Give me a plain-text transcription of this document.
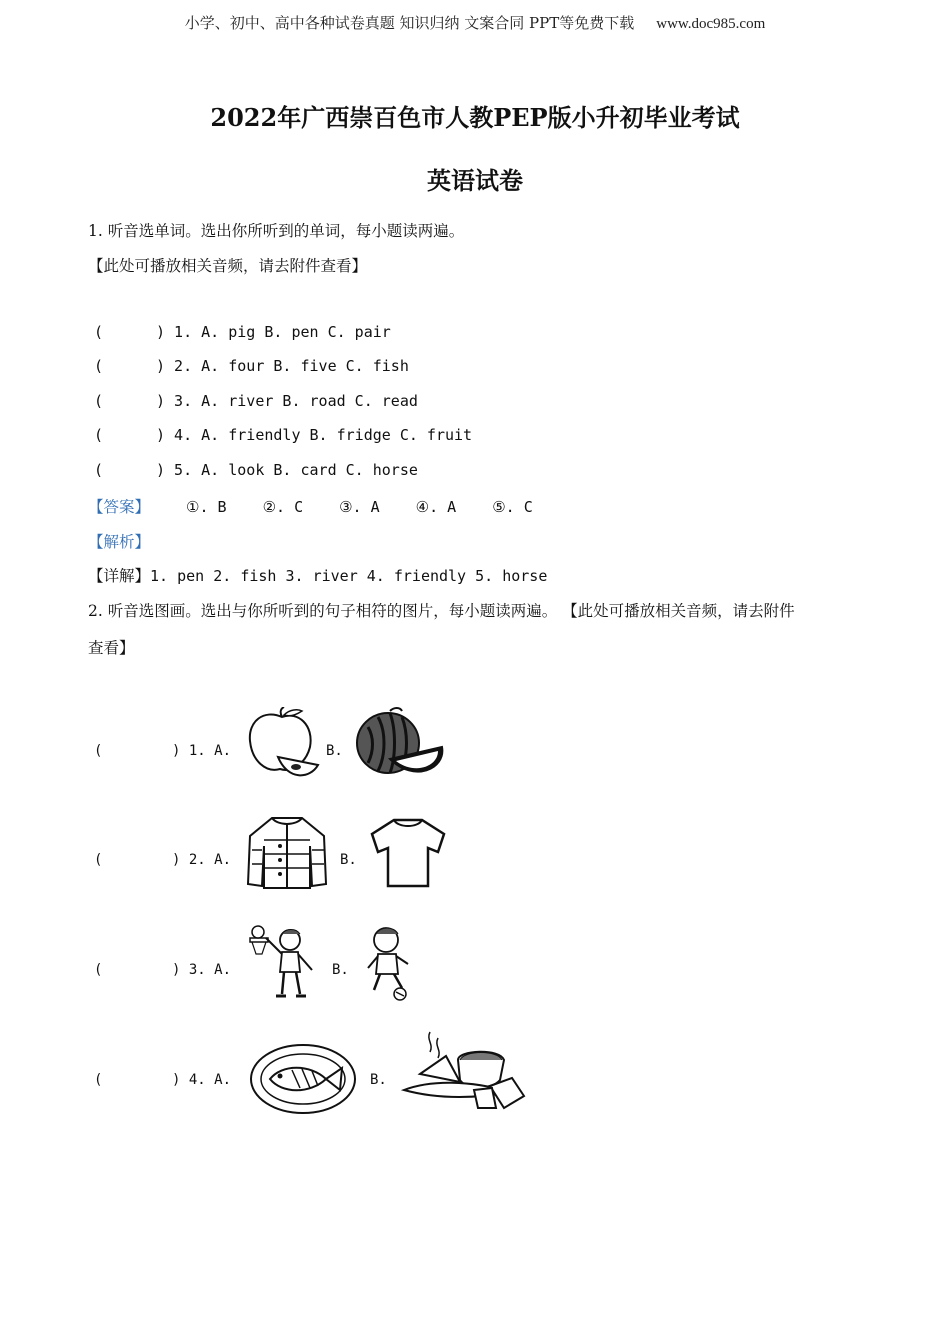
小学、初中、高中各种试卷真题 知识归纳 文案合同 PPT等免费下载 www.doc985.com
2022年广西崇百色市人教PEP版小升初毕业考试
英语试卷
1. 听音选单词。选出你所听到的单词，每小题读两遍。
【此处可播放相关音频，请去附件查看】
(	) 1. A. pig B. pen C. pair
(	) 2. A. four B. five C. fish
(	) 3. A. river B. road C. read
(	) 4. A. friendly B. fridge C. fruit
(	) 5. A. look B. card C. horse
【答案】 ①. B ②. C ③. A ④. A ⑤. C
【解析】
【详解】1. pen 2. fish 3. river 4. friendly 5. horse
2. 听音选图画。选出与你所听到的句子相符的图片，每小题读两遍。 【此处可播放相关音频，请去附件
查看】
(	) 1. A.	B.
(	) 2. A.	B.
(	) 3. A.	B.
(	) 4. A.	B.
